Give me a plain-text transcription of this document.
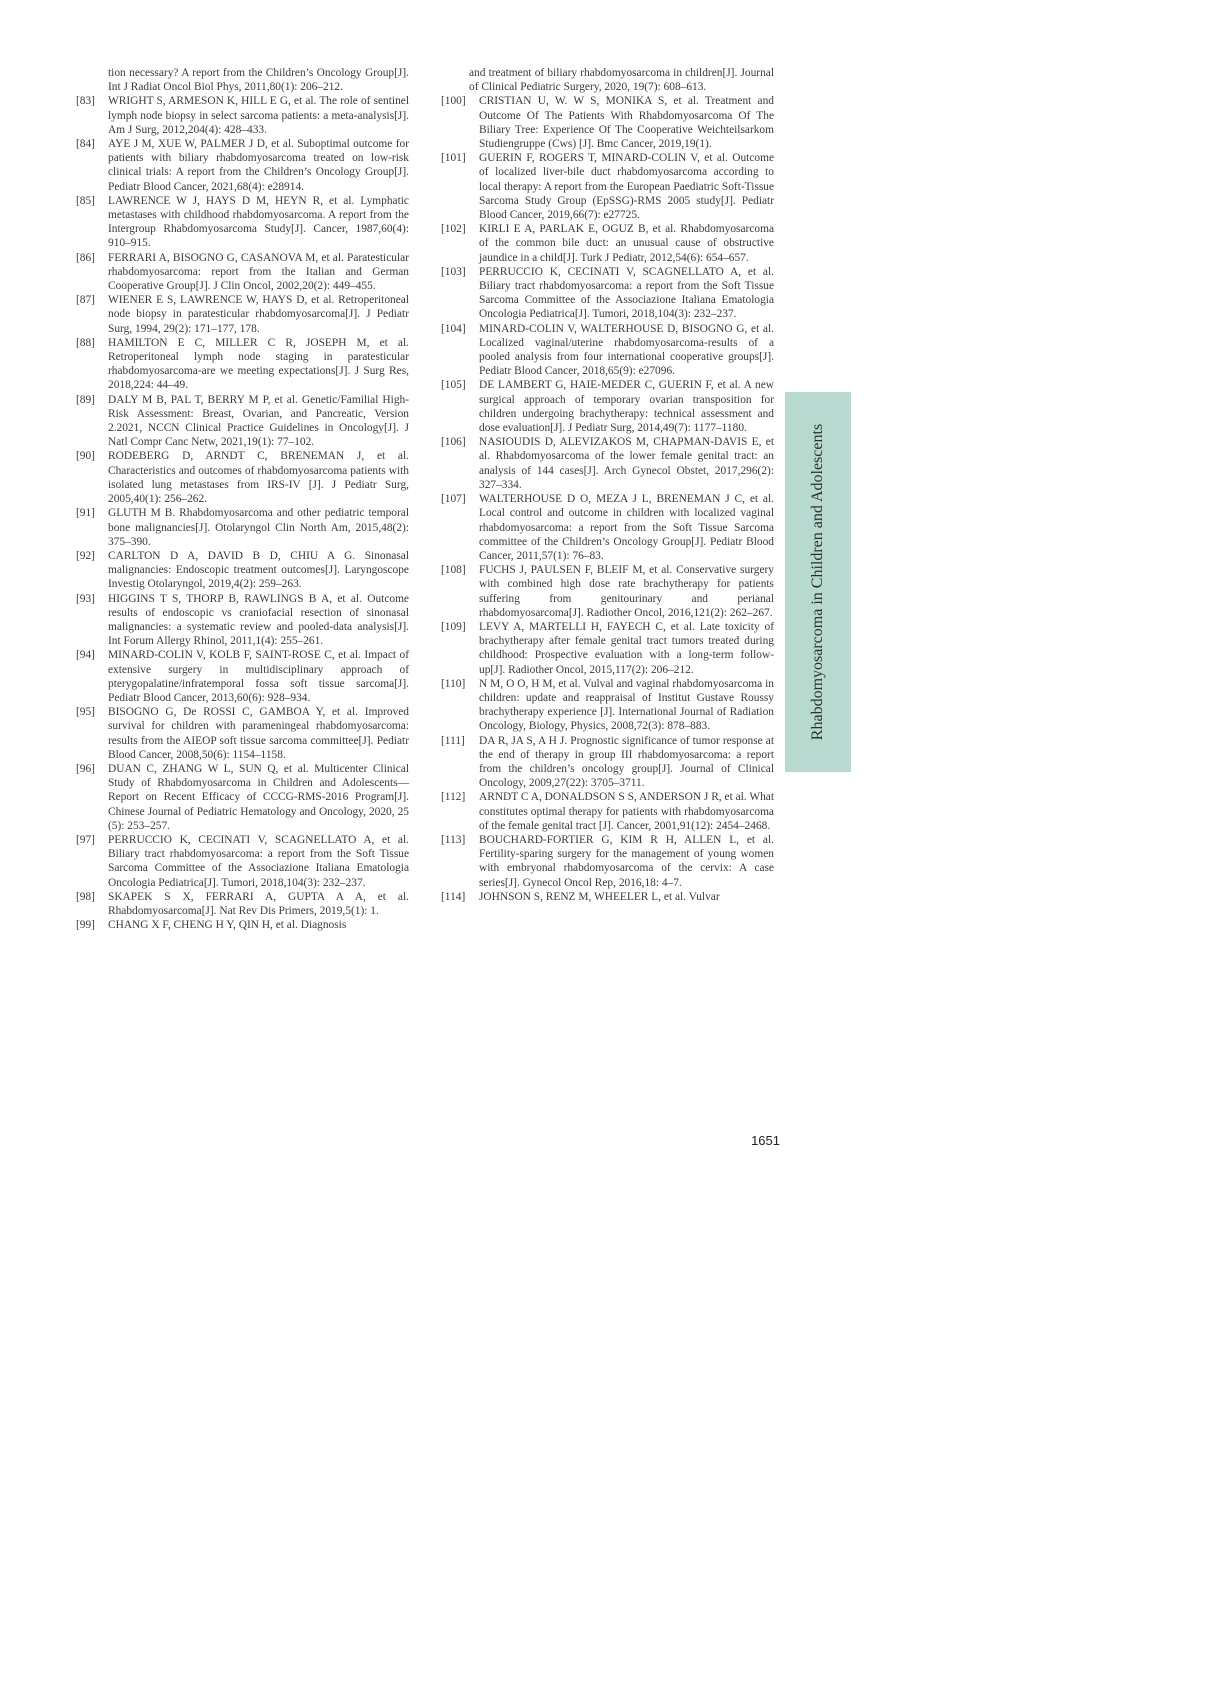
tion necessary? A report from the Children’s Oncology Group[J]. Int J Radiat Oncol Biol Phys, 2011,80(1): 206–212.
[83]	WRIGHT S, ARMESON K, HILL E G, et al. The role of sentinel lymph node biopsy in select sarcoma patients: a meta-analysis[J]. Am J Surg, 2012,204(4): 428–433.
[84]	AYE J M, XUE W, PALMER J D, et al. Suboptimal outcome for patients with biliary rhabdomyosarcoma treated on low-risk clinical trials: A report from the Children’s Oncology Group[J]. Pediatr Blood Cancer, 2021,68(4): e28914.
[85]	LAWRENCE W J, HAYS D M, HEYN R, et al. Lymphatic metastases with childhood rhabdomyosarcoma. A report from the Intergroup Rhabdomyosarcoma Study[J]. Cancer, 1987,60(4): 910–915.
[86]	FERRARI A, BISOGNO G, CASANOVA M, et al. Paratesticular rhabdomyosarcoma: report from the Italian and German Cooperative Group[J]. J Clin Oncol, 2002,20(2): 449–455.
[87]	WIENER E S, LAWRENCE W, HAYS D, et al. Retroperitoneal node biopsy in paratesticular rhabdomyosarcoma[J]. J Pediatr Surg, 1994, 29(2): 171–177, 178.
[88]	HAMILTON E C, MILLER C R, JOSEPH M, et al. Retroperitoneal lymph node staging in paratesticular rhabdomyosarcoma-are we meeting expectations[J]. J Surg Res, 2018,224: 44–49.
[89]	DALY M B, PAL T, BERRY M P, et al. Genetic/Familial High-Risk Assessment: Breast, Ovarian, and Pancreatic, Version 2.2021, NCCN Clinical Practice Guidelines in Oncology[J]. J Natl Compr Canc Netw, 2021,19(1): 77–102.
[90]	RODEBERG D, ARNDT C, BRENEMAN J, et al. Characteristics and outcomes of rhabdomyosarcoma patients with isolated lung metastases from IRS-IV [J]. J Pediatr Surg, 2005,40(1): 256–262.
[91]	GLUTH M B. Rhabdomyosarcoma and other pediatric temporal bone malignancies[J]. Otolaryngol Clin North Am, 2015,48(2): 375–390.
[92]	CARLTON D A, DAVID B D, CHIU A G. Sinonasal malignancies: Endoscopic treatment outcomes[J]. Laryngoscope Investig Otolaryngol, 2019,4(2): 259–263.
[93]	HIGGINS T S, THORP B, RAWLINGS B A, et al. Outcome results of endoscopic vs craniofacial resection of sinonasal malignancies: a systematic review and pooled-data analysis[J]. Int Forum Allergy Rhinol, 2011,1(4): 255–261.
[94]	MINARD-COLIN V, KOLB F, SAINT-ROSE C, et al. Impact of extensive surgery in multidisciplinary approach of pterygopalatine/infratemporal fossa soft tissue sarcoma[J]. Pediatr Blood Cancer, 2013,60(6): 928–934.
[95]	BISOGNO G, De ROSSI C, GAMBOA Y, et al. Improved survival for children with parameningeal rhabdomyosarcoma: results from the AIEOP soft tissue sarcoma committee[J]. Pediatr Blood Cancer, 2008,50(6): 1154–1158.
[96]	DUAN C, ZHANG W L, SUN Q, et al. Multicenter Clinical Study of Rhabdomyosarcoma in Children and Adolescents—Report on Recent Efficacy of CCCG-RMS-2016 Program[J]. Chinese Journal of Pediatric Hematology and Oncology, 2020, 25 (5): 253–257.
[97]	PERRUCCIO K, CECINATI V, SCAGNELLATO A, et al. Biliary tract rhabdomyosarcoma: a report from the Soft Tissue Sarcoma Committee of the Associazione Italiana Ematologia Oncologia Pediatrica[J]. Tumori, 2018,104(3): 232–237.
[98]	SKAPEK S X, FERRARI A, GUPTA A A, et al. Rhabdomyosarcoma[J]. Nat Rev Dis Primers, 2019,5(1): 1.
[99]	CHANG X F, CHENG H Y, QIN H, et al. Diagnosis
and treatment of biliary rhabdomyosarcoma in children[J]. Journal of Clinical Pediatric Surgery, 2020, 19(7): 608–613.
[100]	CRISTIAN U, W. W S, MONIKA S, et al. Treatment and Outcome Of The Patients With Rhabdomyosarcoma Of The Biliary Tree: Experience Of The Cooperative Weichteilsarkom Studiengruppe (Cws) [J]. Bmc Cancer, 2019,19(1).
[101]	GUERIN F, ROGERS T, MINARD-COLIN V, et al. Outcome of localized liver-bile duct rhabdomyosarcoma according to local therapy: A report from the European Paediatric Soft-Tissue Sarcoma Study Group (EpSSG)-RMS 2005 study[J]. Pediatr Blood Cancer, 2019,66(7): e27725.
[102]	KIRLI E A, PARLAK E, OGUZ B, et al. Rhabdomyosarcoma of the common bile duct: an unusual cause of obstructive jaundice in a child[J]. Turk J Pediatr, 2012,54(6): 654–657.
[103]	PERRUCCIO K, CECINATI V, SCAGNELLATO A, et al. Biliary tract rhabdomyosarcoma: a report from the Soft Tissue Sarcoma Committee of the Associazione Italiana Ematologia Oncologia Pediatrica[J]. Tumori, 2018,104(3): 232–237.
[104]	MINARD-COLIN V, WALTERHOUSE D, BISOGNO G, et al. Localized vaginal/uterine rhabdomyosarcoma-results of a pooled analysis from four international cooperative groups[J]. Pediatr Blood Cancer, 2018,65(9): e27096.
[105]	DE LAMBERT G, HAIE-MEDER C, GUERIN F, et al. A new surgical approach of temporary ovarian transposition for children undergoing brachytherapy: technical assessment and dose evaluation[J]. J Pediatr Surg, 2014,49(7): 1177–1180.
[106]	NASIOUDIS D, ALEVIZAKOS M, CHAPMAN-DAVIS E, et al. Rhabdomyosarcoma of the lower female genital tract: an analysis of 144 cases[J]. Arch Gynecol Obstet, 2017,296(2): 327–334.
[107]	WALTERHOUSE D O, MEZA J L, BRENEMAN J C, et al. Local control and outcome in children with localized vaginal rhabdomyosarcoma: a report from the Soft Tissue Sarcoma committee of the Children’s Oncology Group[J]. Pediatr Blood Cancer, 2011,57(1): 76–83.
[108]	FUCHS J, PAULSEN F, BLEIF M, et al. Conservative surgery with combined high dose rate brachytherapy for patients suffering from genitourinary and perianal rhabdomyosarcoma[J]. Radiother Oncol, 2016,121(2): 262–267.
[109]	LEVY A, MARTELLI H, FAYECH C, et al. Late toxicity of brachytherapy after female genital tract tumors treated during childhood: Prospective evaluation with a long-term follow-up[J]. Radiother Oncol, 2015,117(2): 206–212.
[110]	N M, O O, H M, et al. Vulval and vaginal rhabdomyosarcoma in children: update and reappraisal of Institut Gustave Roussy brachytherapy experience [J]. International Journal of Radiation Oncology, Biology, Physics, 2008,72(3): 878–883.
[111]	DA R, JA S, A H J. Prognostic significance of tumor response at the end of therapy in group III rhabdomyosarcoma: a report from the children’s oncology group[J]. Journal of Clinical Oncology, 2009,27(22): 3705–3711.
[112]	ARNDT C A, DONALDSON S S, ANDERSON J R, et al. What constitutes optimal therapy for patients with rhabdomyosarcoma of the female genital tract [J]. Cancer, 2001,91(12): 2454–2468.
[113]	BOUCHARD-FORTIER G, KIM R H, ALLEN L, et al. Fertility-sparing surgery for the management of young women with embryonal rhabdomyosarcoma of the cervix: A case series[J]. Gynecol Oncol Rep, 2016,18: 4–7.
[114]	JOHNSON S, RENZ M, WHEELER L, et al. Vulvar
Rhabdomyosarcoma in Children and Adolescents
1651
